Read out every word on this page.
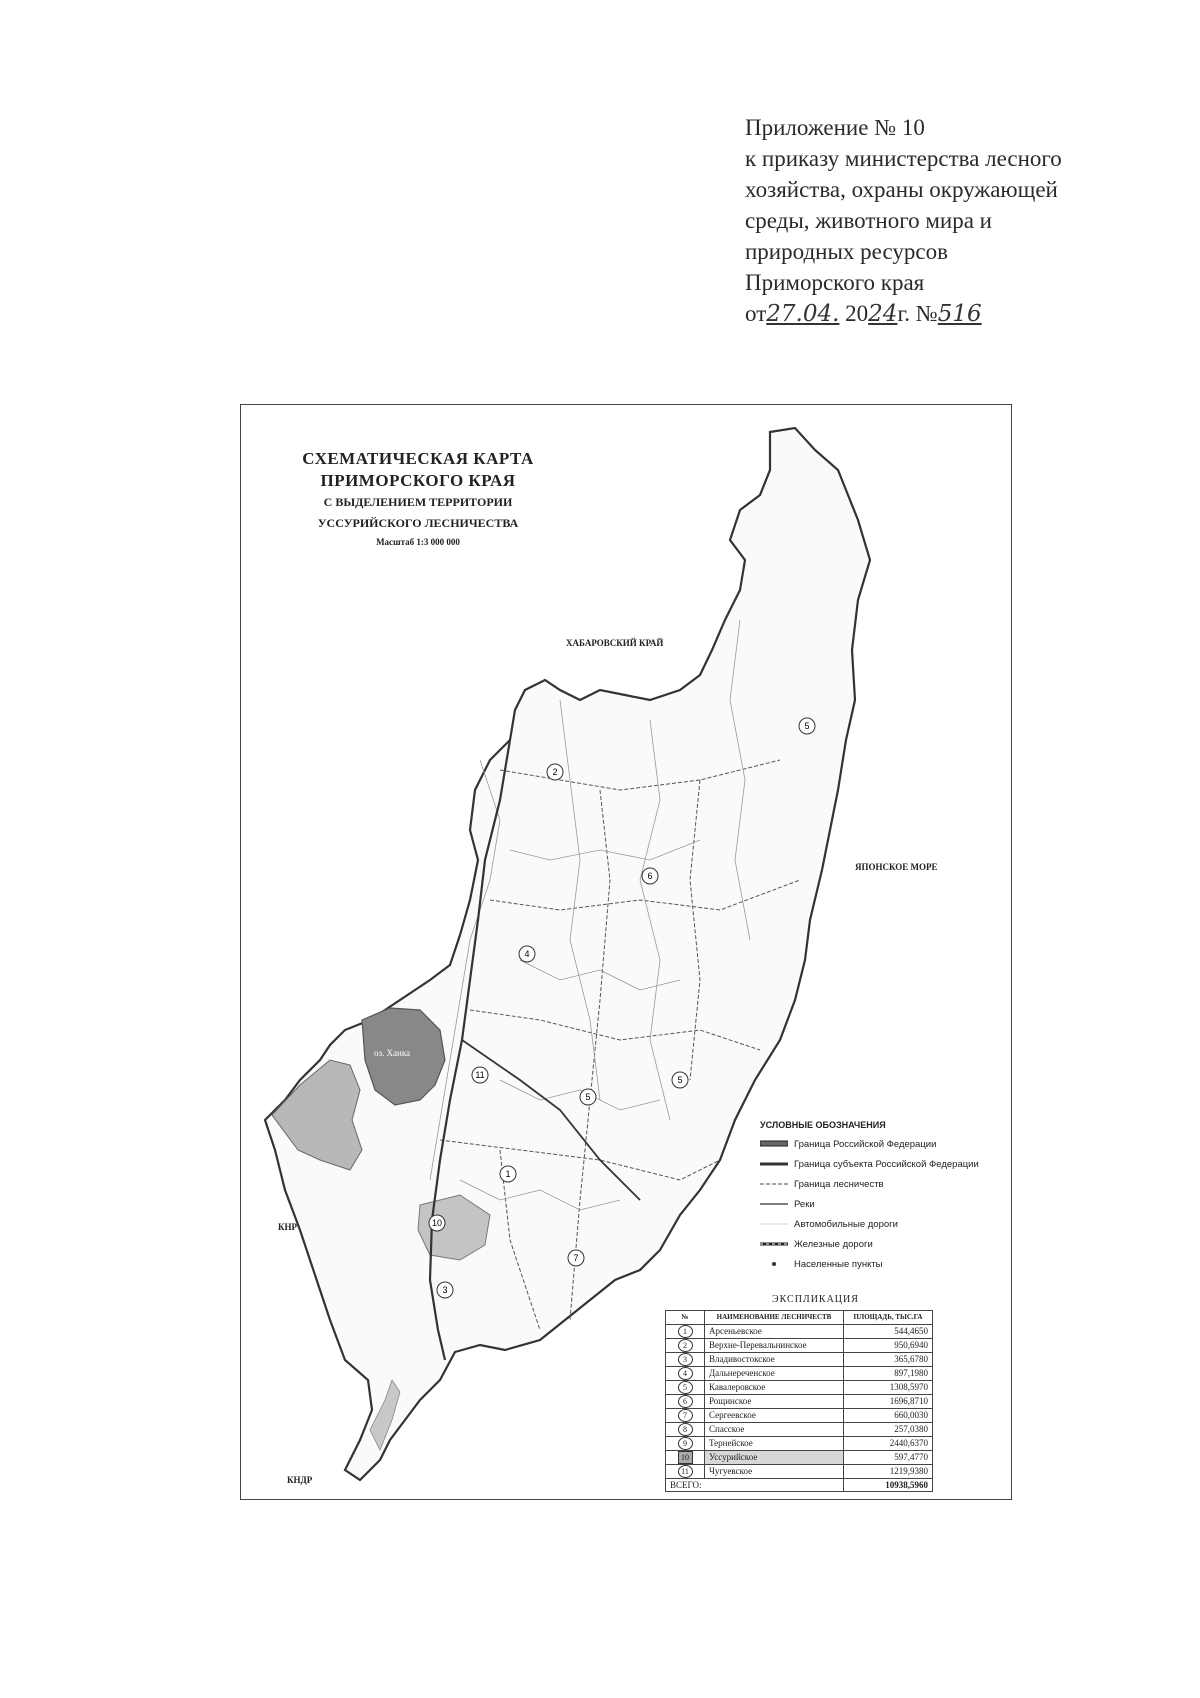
Приложение № 10
к приказу министерства лесного
хозяйства, охраны окружающей
среды, животного мира и
природных ресурсов
Приморского края
от27.04. 2024г. №516
2
5
6
4
11
5
5
1
10
7
3
СХЕМАТИЧЕСКАЯ КАРТА
ПРИМОРСКОГО КРАЯ
С ВЫДЕЛЕНИЕМ ТЕРРИТОРИИ
УССУРИЙСКОГО ЛЕСНИЧЕСТВА
Масштаб 1:3 000 000
ХАБАРОВСКИЙ КРАЙ
ЯПОНСКОЕ МОРЕ
КНР
КНДР
оз. Ханка
УСЛОВНЫЕ ОБОЗНАЧЕНИЯ
Граница Российской Федерации
Граница субъекта Российской Федерации
Граница лесничеств
Реки
Автомобильные дороги
Железные дороги
Населенные пункты
ЭКСПЛИКАЦИЯ
№	НАИМЕНОВАНИЕ ЛЕСНИЧЕСТВ	ПЛОЩАДЬ, ТЫС.ГА
1	Арсеньевское	544,4650
2	Верхне-Перевальнинское	950,6940
3	Владивостокское	365,6780
4	Дальнереченское	897,1980
5	Кавалеровское	1308,5970
6	Рощинское	1696,8710
7	Сергеевское	660,0030
8	Спасское	257,0380
9	Тернейское	2440,6370
10	Уссурийское	597,4770
11	Чугуевское	1219,9380
ВСЕГО:		10938,5960
